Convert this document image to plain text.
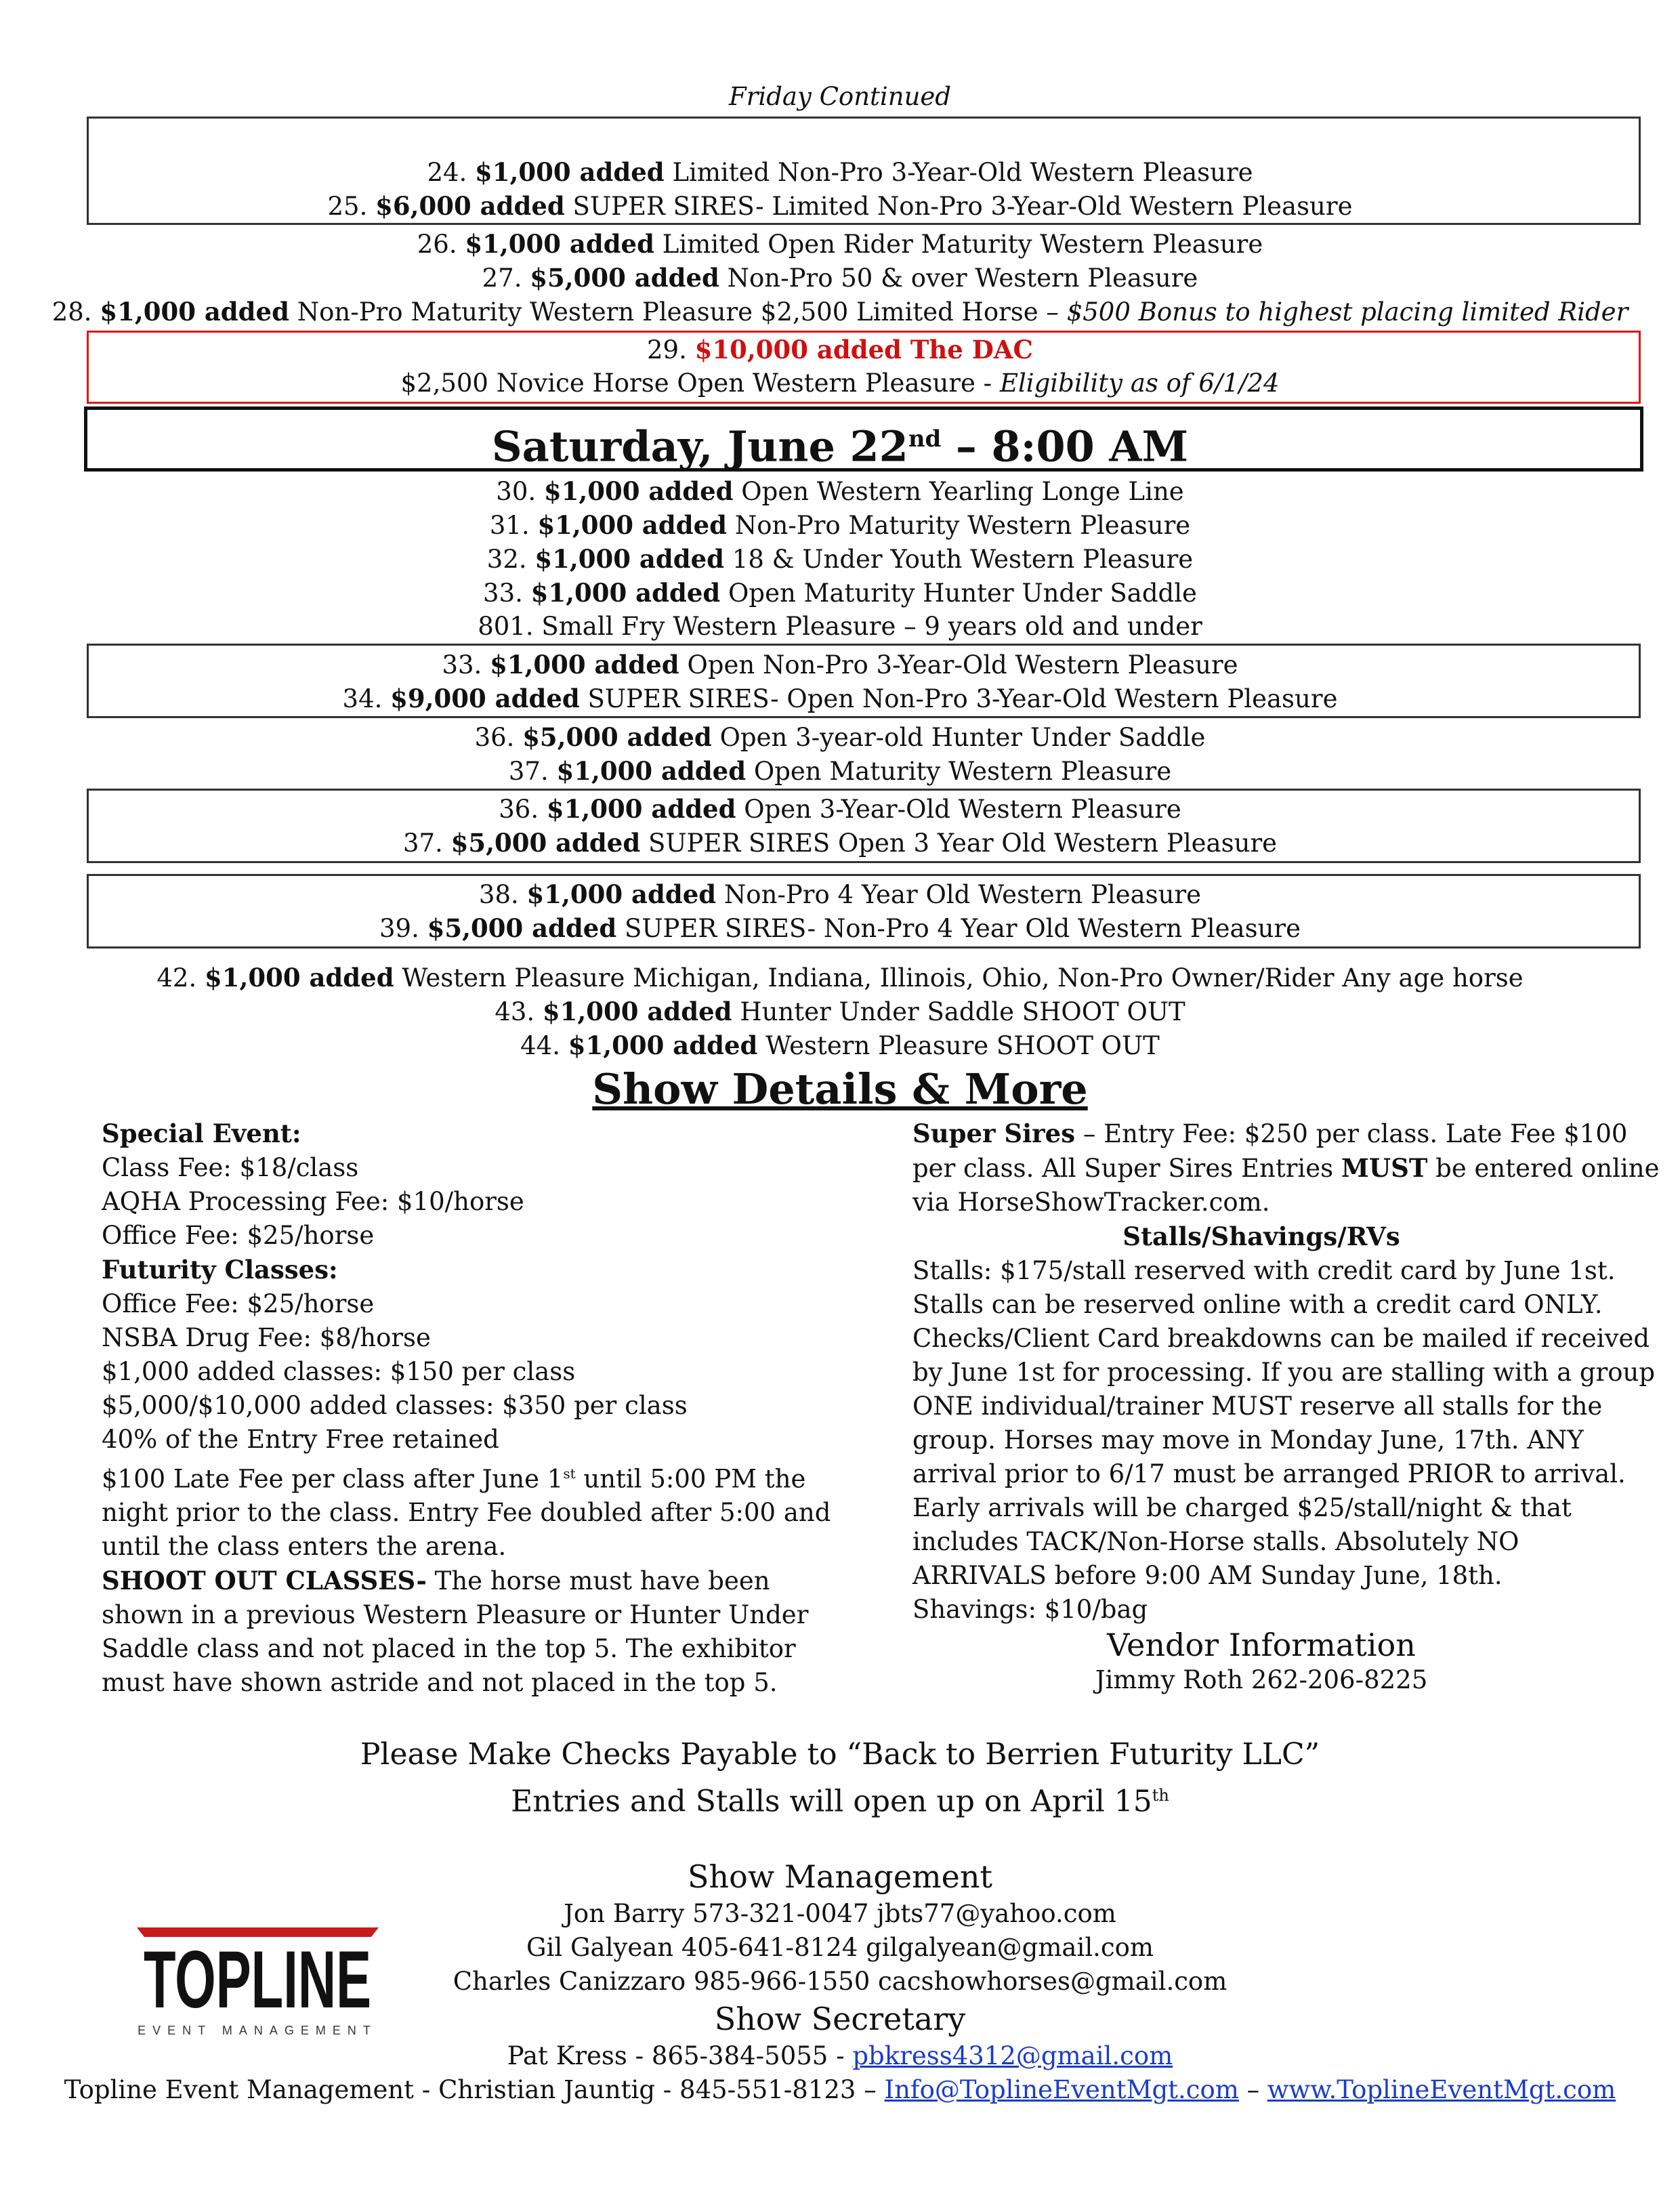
Friday Continued
24. $1,000 added Limited Non-Pro 3-Year-Old Western Pleasure
25. $6,000 added SUPER SIRES- Limited Non-Pro 3-Year-Old Western Pleasure
26. $1,000 added Limited Open Rider Maturity Western Pleasure
27. $5,000 added Non-Pro 50 & over Western Pleasure
28. $1,000 added Non-Pro Maturity Western Pleasure $2,500 Limited Horse – $500 Bonus to highest placing limited Rider
29. $10,000 added The DAC
$2,500 Novice Horse Open Western Pleasure - Eligibility as of 6/1/24
Saturday, June 22nd – 8:00 AM
30. $1,000 added Open Western Yearling Longe Line
31. $1,000 added Non-Pro Maturity Western Pleasure
32. $1,000 added 18 & Under Youth Western Pleasure
33. $1,000 added Open Maturity Hunter Under Saddle
801. Small Fry Western Pleasure – 9 years old and under
33. $1,000 added Open Non-Pro 3-Year-Old Western Pleasure
34. $9,000 added SUPER SIRES- Open Non-Pro 3-Year-Old Western Pleasure
36. $5,000 added Open 3-year-old Hunter Under Saddle
37. $1,000 added Open Maturity Western Pleasure
36. $1,000 added Open 3-Year-Old Western Pleasure
37. $5,000 added SUPER SIRES Open 3 Year Old Western Pleasure
38. $1,000 added Non-Pro 4 Year Old Western Pleasure
39. $5,000 added SUPER SIRES- Non-Pro 4 Year Old Western Pleasure
42. $1,000 added Western Pleasure Michigan, Indiana, Illinois, Ohio, Non-Pro Owner/Rider Any age horse
43. $1,000 added Hunter Under Saddle SHOOT OUT
44. $1,000 added Western Pleasure SHOOT OUT
Show Details & More
Special Event:
Class Fee: $18/class
AQHA Processing Fee: $10/horse
Office Fee: $25/horse
Futurity Classes:
Office Fee: $25/horse
NSBA Drug Fee: $8/horse
$1,000 added classes: $150 per class
$5,000/$10,000 added classes: $350 per class
40% of the Entry Free retained
$100 Late Fee per class after June 1st until 5:00 PM the
night prior to the class. Entry Fee doubled after 5:00 and
until the class enters the arena.
SHOOT OUT CLASSES- The horse must have been
shown in a previous Western Pleasure or Hunter Under
Saddle class and not placed in the top 5. The exhibitor
must have shown astride and not placed in the top 5.
Super Sires – Entry Fee: $250 per class. Late Fee $100
per class. All Super Sires Entries MUST be entered online
via HorseShowTracker.com.
Stalls/Shavings/RVs
Stalls: $175/stall reserved with credit card by June 1st.
Stalls can be reserved online with a credit card ONLY.
Checks/Client Card breakdowns can be mailed if received
by June 1st for processing. If you are stalling with a group
ONE individual/trainer MUST reserve all stalls for the
group. Horses may move in Monday June, 17th. ANY
arrival prior to 6/17 must be arranged PRIOR to arrival.
Early arrivals will be charged $25/stall/night & that
includes TACK/Non-Horse stalls. Absolutely NO
ARRIVALS before 9:00 AM Sunday June, 18th.
Shavings: $10/bag
Vendor Information
Jimmy Roth 262-206-8225
Please Make Checks Payable to “Back to Berrien Futurity LLC”
Entries and Stalls will open up on April 15th
Show Management
Jon Barry 573-321-0047 jbts77@yahoo.com
Gil Galyean 405-641-8124 gilgalyean@gmail.com
Charles Canizzaro 985-966-1550 cacshowhorses@gmail.com
Show Secretary
Pat Kress - 865-384-5055 - pbkress4312@gmail.com
Topline Event Management - Christian Jauntig - 845-551-8123 – Info@ToplineEventMgt.com – www.ToplineEventMgt.com
TOPLINE
EVENT MANAGEMENT
